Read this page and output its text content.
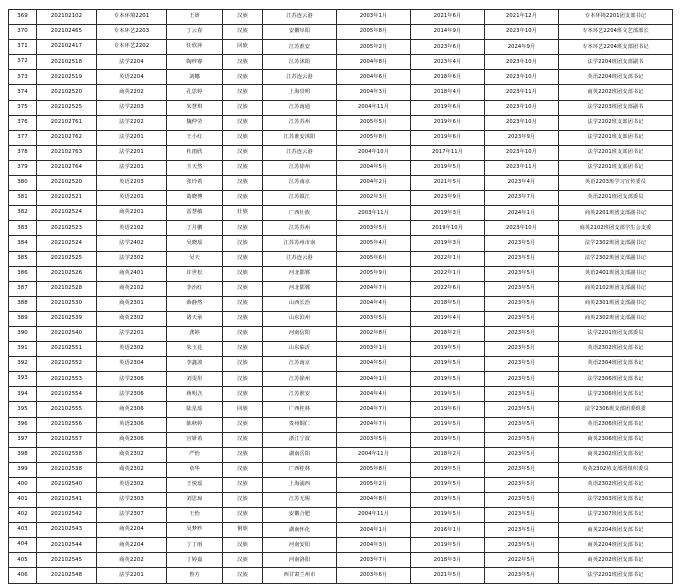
369	202102102	专本环境2201	王妍	汉族	江苏连云港	2003年1月	2021年6月	2021年12月	专本环境2201团支部书记
370	202102465	专本环艺2203	丁云春	汉族	安徽阜阳	2005年8月	2014年9月	2023年10月	专本环艺2204班文艺部部长
371	202102417	专本环艺2202	任欣萍	回族	江苏淮安	2005年2月	2023年6月	2024年9月	专本环艺2204班支部团书记
372	202102518	法学2204	陶梓睿	汉族	江苏沭阳	2004年8月	2023年4月	2023年10月	法学2204班团支部副书
373	202102519	英语2204	刘娜	汉族	江苏连云港	2004年6月	2018年6月	2023年10月	英语2204班团支部书记
374	202102520	商英2202	孔思婷	汉族	上海崇明	2004年3月	2018年4月	2023年11月	商英2202班团支部书记
375	202102525	法学2203	朱慧琪	汉族	江苏南通	2004年11月	2019年6月	2023年10月	法学2203班团支部副书
376	202102761	法学2202	魏仲莹	汉族	江苏苏州	2005年5月	2019年6月	2023年10月	法学2202班支部团书记
377	202102762	法学2201	王小红	汉族	江苏淮安沭阳	2005年8月	2019年6月	2023年9月	法学2201班支部团书记
378	202102763	法学2201	杜雨欣	汉族	江苏连云港	2004年10月	2017年11月	2023年10月	法学2201班支部团书记
379	202102764	法学2201	玉天然	汉族	江苏徐州	2004年5月	2019年5月	2023年11月	法学2201班支部团书记
380	202102520	英语2203	张玲希	汉族	江苏南京	2004年2月	2021年5月	2023年4月	英语2203班学习宣传委员
381	202102521	英语2201	葛晓博	汉族	江苏镇江	2002年3月	2023年9月	2023年7月	英语2201班团支部委员
382	202102524	商英2201	雷慧敏	壮族	广西壮族	2003年11月	2019年3月	2024年1月	商英2201班团支部副书记
383	202102523	英语2102	丁月鹏	汉族	江苏苏州	2003年5月	2019年10月	2023年10月	商英2102班团支部学生会支委
384	202102524	法学2402	吴晓瑶	汉族	江苏苏州市南	2005年4月	2019年3月	2023年5月	法学2302班团支部副书记
385	202102525	法学2302	吴天	汉族	江苏连云港	2005年6月	2022年1月	2023年5月	法学2302班团支部副书记
386	202102526	商英2401	许世松	汉族	河北邯郸	2005年9月	2022年1月	2023年5月	英语2401班团支部副书记
387	202102528	商英2102	李治红	汉族	河北邯郸	2004年7月	2022年6月	2023年5月	商英2102班团支部副书记
388	202102530	商英2301	薛静然	汉族	山西长治	2004年4月	2018年5月	2023年5月	商英2301班团支部副书记
389	202102539	商英2302	诸天承	汉族	山东滨州	2003年5月	2019年4月	2023年5月	商英2302班团支部副书记
390	202102540	法学2201	龚婷	汉族	河南信阳	2002年8月	2018年2月	2023年5月	法学2201班团支部委员
391	202102551	英语2302	朱玉花	汉族	山东临沂	2003年1月	2019年5月	2023年5月	英语2302班团支部书记
392	202102552	英语2304	李鑫波	汉族	江苏南京	2004年5月	2019年5月	2023年5月	英语2304班团支部书记
393	202102553	法学2306	刘雯彤	汉族	江苏徐州	2004年1月	2019年5月	2023年5月	法学2306班团支部书记
394	202102554	法学2306	蒋明含	汉族	江苏淮安	2004年4月	2019年5月	2023年5月	法学2306班团支部书记
395	202102555	商英2306	陆星瑶	回族	广西桂林	2004年7月	2019年6月	2023年5月	法学2306班支部团委组委
396	202102556	英语2306	陈秋婷	汉族	贵州铜仁	2004年7月	2019年5月	2023年5月	英语2306班团支部书记
397	202102557	商英2306	宫妍希	汉族	浙江宁波	2003年5月	2019年5月	2023年5月	商英2306班团支部书记
398	202102558	商英2302	严怡	汉族	湖南岳阳	2004年11月	2018年2月	2023年5月	商英2302班团支部书记
399	202102538	商英2302	章华	汉族	广西桂林	2005年8月	2019年5月	2023年5月	英英2302班支部团组织委员
400	202102540	英语2302	王悦瑶	汉族	上海浦西	2005年2月	2019年5月	2023年5月	英语2302班团支部书记
401	202102541	法学2303	刘思琼	汉族	江苏无锡	2004年8月	2019年5月	2023年5月	法学2303班团支部书记
402	202102542	法学2307	王怡	汉族	安徽合肥	2004年11月	2019年5月	2023年5月	法学2307班团支部书记
403	202102543	商英2204	吴梦纱	侗族	湖南怀化	2004年1月	2016年1月	2023年5月	商英2204班团支部书记
404	202102544	商英2204	丁丁雨	汉族	河南安阳	2004年3月	2019年5月	2023年5月	商英2204班团支部书记
405	202102545	商英2202	丁婷嘉	汉族	河南洛阳	2003年7月	2018年3月	2022年5月	商英2202班团支部书记
406	202102548	法学2201	鲁方	汉族	西甘肃兰州市	2003年6月	2021年5月	2023年5月	法学2201班团支部书记
